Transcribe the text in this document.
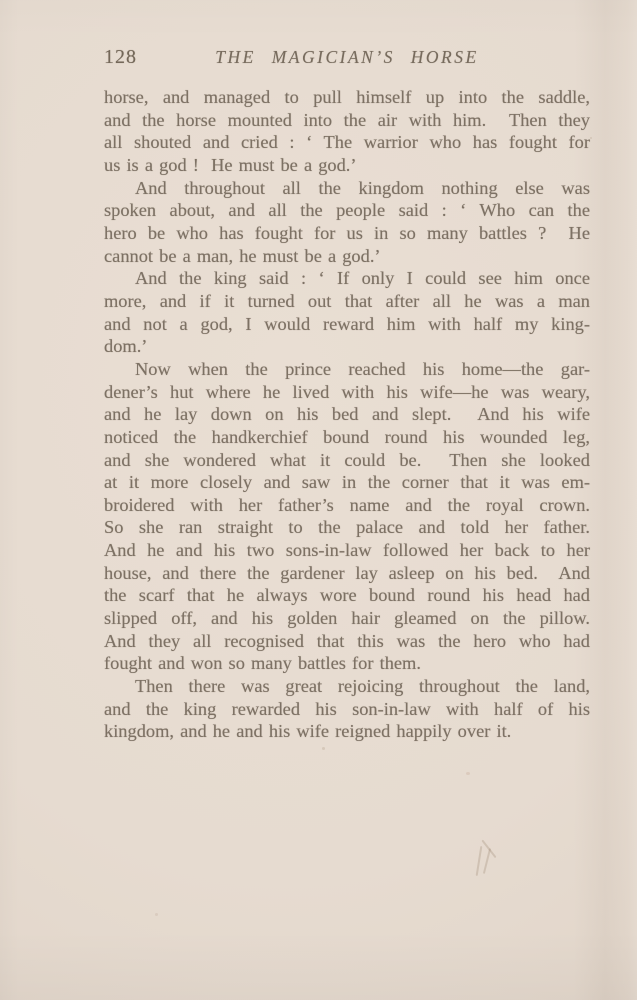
128	THE MAGICIAN’S HORSE
horse, and managed to pull himself up into the saddle,
and the horse mounted into the air with him.  Then they
all shouted and cried : ‘ The warrior who has fought for
us is a god !  He must be a god.’
And throughout all the kingdom nothing else was
spoken about, and all the people said : ‘ Who can the
hero be who has fought for us in so many battles ?  He
cannot be a man, he must be a god.’
And the king said : ‘ If only I could see him once
more, and if it turned out that after all he was a man
and not a god, I would reward him with half my king-
dom.’
Now when the prince reached his home—the gar-
dener’s hut where he lived with his wife—he was weary,
and he lay down on his bed and slept.  And his wife
noticed the handkerchief bound round his wounded leg,
and she wondered what it could be.  Then she looked
at it more closely and saw in the corner that it was em-
broidered with her father’s name and the royal crown.
So she ran straight to the palace and told her father.
And he and his two sons-in-law followed her back to her
house, and there the gardener lay asleep on his bed.  And
the scarf that he always wore bound round his head had
slipped off, and his golden hair gleamed on the pillow.
And they all recognised that this was the hero who had
fought and won so many battles for them.
Then there was great rejoicing throughout the land,
and the king rewarded his son-in-law with half of his
kingdom, and he and his wife reigned happily over it.
